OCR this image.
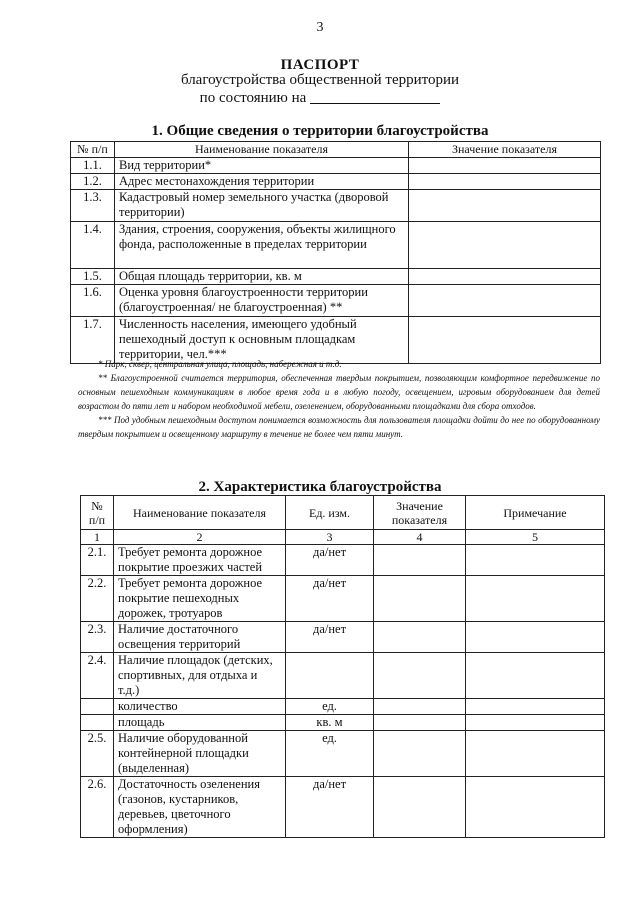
3
ПАСПОРТ
благоустройства общественной территории
по состоянию на
1. Общие сведения о территории благоустройства
№ п/п	Наименование показателя	Значение показателя
1.1.	Вид территории*	
1.2.	Адрес местонахождения территории	
1.3.	Кадастровый номер земельного участка (дворовой территории)	
1.4.	Здания, строения, сооружения, объекты жилищного фонда, расположенные в пределах территории	
1.5.	Общая площадь территории, кв. м	
1.6.	Оценка уровня благоустроенности территории (благоустроенная/ не благоустроенная) **	
1.7.	Численность населения, имеющего удобный пешеходный доступ к основным площадкам территории, чел.***	

* Парк, сквер, центральная улица, площадь, набережная и т.д.

** Благоустроенной считается территория, обеспеченная твердым покрытием, позволяющим комфортное передвижение по основным пешеходным коммуникациям в любое время года и в любую погоду, освещением, игровым оборудованием для детей возрастом до пяти лет и набором необходимой мебели, озеленением, оборудованными площадками для сбора отходов.

*** Под удобным пешеходным доступом понимается возможность для пользователя площадки дойти до нее по оборудованному твердым покрытием и освещенному маршруту в течение не более чем пяти минут.

2. Характеристика благоустройства
№ п/п	Наименование показателя	Ед. изм.	Значение показателя	Примечание
1	2	3	4	5
2.1.	Требует ремонта дорожное покрытие проезжих частей	да/нет		
2.2.	Требует ремонта дорожное покрытие пешеходных дорожек, тротуаров	да/нет		
2.3.	Наличие достаточного освещения территорий	да/нет		
2.4.	Наличие площадок (детских, спортивных, для отдыха и т.д.)			
	количество	ед.		
	площадь	кв. м		
2.5.	Наличие оборудованной контейнерной площадки (выделенная)	ед.		
2.6.	Достаточность озеленения (газонов, кустарников, деревьев, цветочного оформления)	да/нет		
